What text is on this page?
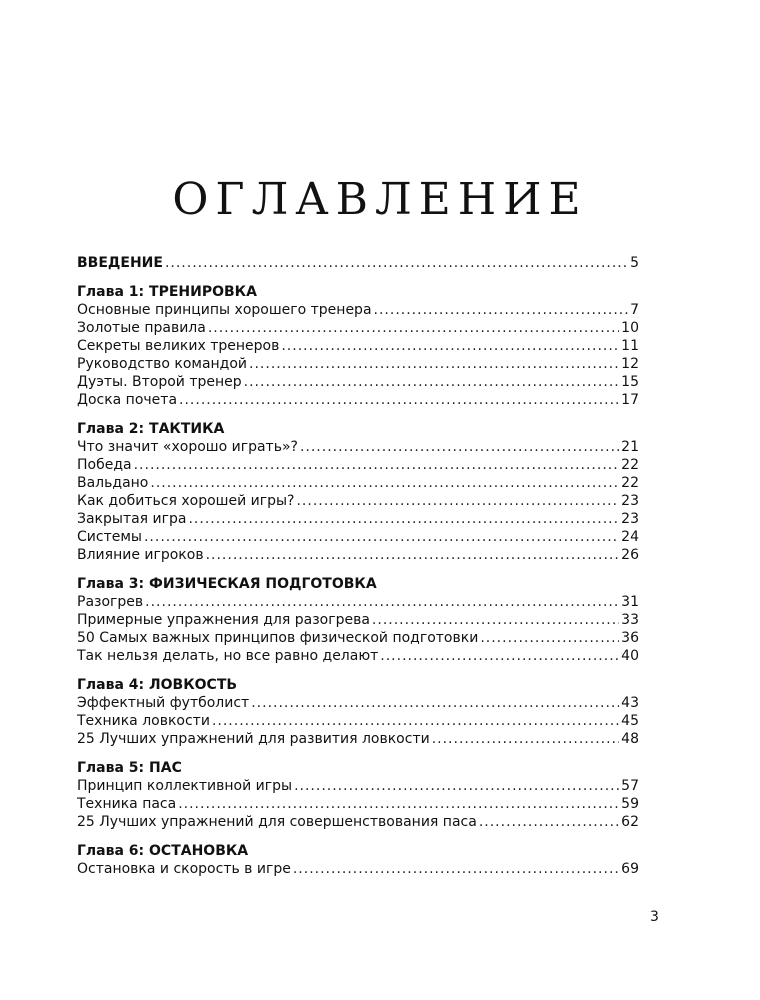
ОГЛАВЛЕНИЕ
ВВЕДЕНИЕ .....	5
Глава 1: ТРЕНИРОВКА
Основные принципы хорошего тренера .....	7
Золотые правила .....	10
Секреты великих тренеров .....	11
Руководство командой .....	12
Дуэты. Второй тренер .....	15
Доска почета .....	17
Глава 2: ТАКТИКА
Что значит «хорошо играть»? .....	21
Победа .....	22
Вальдано .....	22
Как добиться хорошей игры? .....	23
Закрытая игра .....	23
Системы .....	24
Влияние игроков .....	26
Глава 3: ФИЗИЧЕСКАЯ ПОДГОТОВКА
Разогрев .....	31
Примерные упражнения для разогрева .....	33
50 Самых важных принципов физической подготовки .....	36
Так нельзя делать, но все равно делают .....	40
Глава 4: ЛОВКОСТЬ
Эффектный футболист .....	43
Техника ловкости .....	45
25 Лучших упражнений для развития ловкости .....	48
Глава 5: ПАС
Принцип коллективной игры .....	57
Техника паса .....	59
25 Лучших упражнений для совершенствования паса .....	62
Глава 6: ОСТАНОВКА
Остановка и скорость в игре .....	69
3
